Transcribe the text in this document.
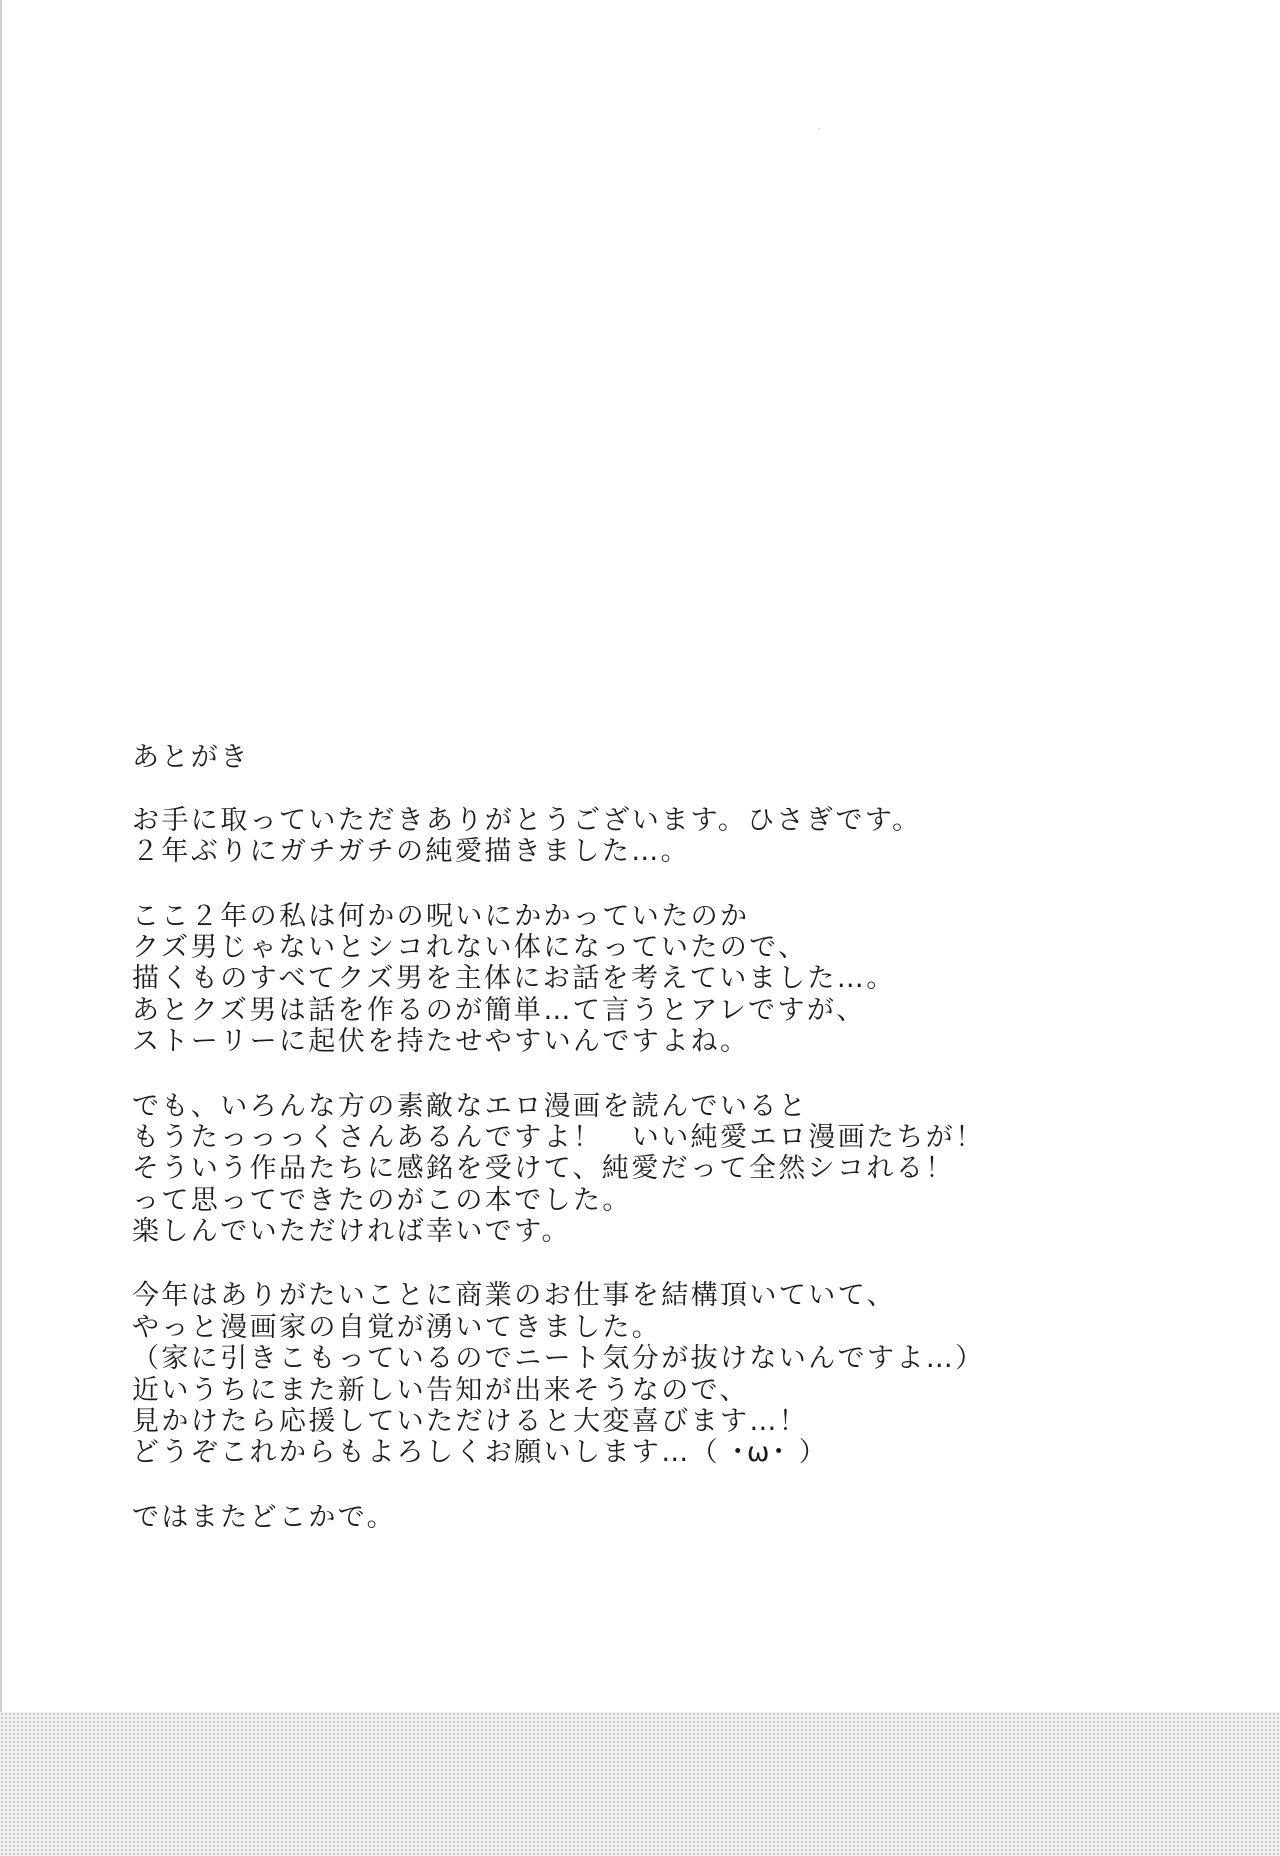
あとがき
お手に取っていただきありがとうございます。ひさぎです。
２年ぶりにガチガチの純愛描きました…。
ここ２年の私は何かの呪いにかかっていたのか
クズ男じゃないとシコれない体になっていたので、
描くものすべてクズ男を主体にお話を考えていました…。
あとクズ男は話を作るのが簡単…て言うとアレですが、
ストーリーに起伏を持たせやすいんですよね。
でも、いろんな方の素敵なエロ漫画を読んでいると
もうたっっっくさんあるんですよ！　いい純愛エロ漫画たちが！
そういう作品たちに感銘を受けて、純愛だって全然シコれる！
って思ってできたのがこの本でした。
楽しんでいただければ幸いです。
今年はありがたいことに商業のお仕事を結構頂いていて、
やっと漫画家の自覚が湧いてきました。
（家に引きこもっているのでニート気分が抜けないんですよ…）
近いうちにまた新しい告知が出来そうなので、
見かけたら応援していただけると大変喜びます…！
どうぞこれからもよろしくお願いします…（ ･ω･ ）
ではまたどこかで。
